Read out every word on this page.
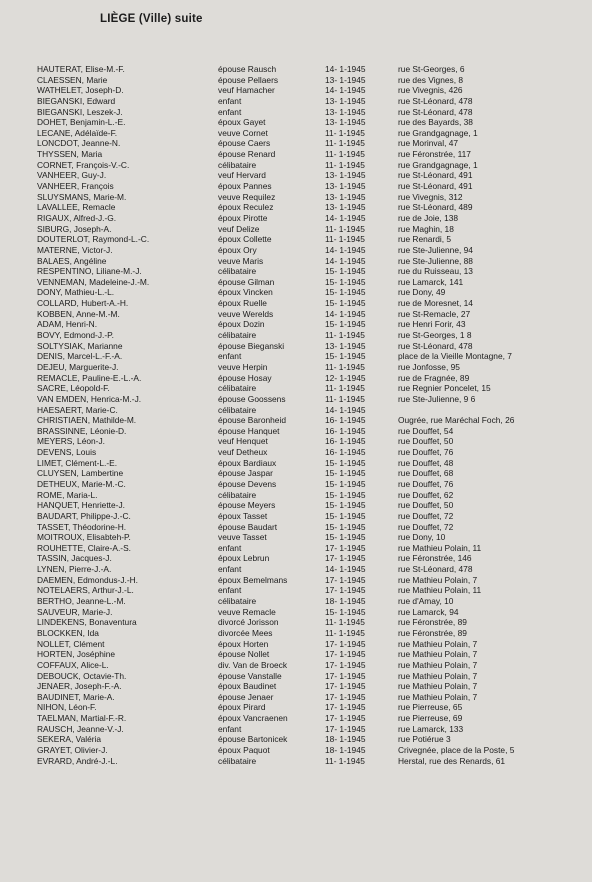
LIÈGE (Ville) suite
HAUTERAT, Elise-M.-F.	épouse Rausch	14- 1-1945	rue St-Georges, 6
CLAESSEN, Marie	épouse Pellaers	13- 1-1945	rue des Vignes, 8
WATHELET, Joseph-D.	veuf Hamacher	14- 1-1945	rue Vivegnis, 426
BIEGANSKI, Edward	enfant	13- 1-1945	rue St-Léonard, 478
BIEGANSKI, Leszek-J.	enfant	13- 1-1945	rue St-Léonard, 478
DOHET, Benjamin-L.-E.	époux Gayet	13- 1-1945	rue des Bayards, 38
LECANE, Adélaïde-F.	veuve Cornet	11- 1-1945	rue Grandgagnage, 1
LONCDOT, Jeanne-N.	épouse Caers	11- 1-1945	rue Morinval, 47
THYSSEN, Maria	épouse Renard	11- 1-1945	rue Féronstrée, 117
CORNET, François-V.-C.	célibataire	11- 1-1945	rue Grandgagnage, 1
VANHEER, Guy-J.	veuf Hervard	13- 1-1945	rue St-Léonard, 491
VANHEER, François	époux Pannes	13- 1-1945	rue St-Léonard, 491
SLUYSMANS, Marie-M.	veuve Requilez	13- 1-1945	rue Vivegnis, 312
LAVALLEE, Remacle	époux Reculez	13- 1-1945	rue St-Léonard, 489
RIGAUX, Alfred-J.-G.	époux Pirotte	14- 1-1945	rue de Joie, 138
SIBURG, Joseph-A.	veuf Delize	11- 1-1945	rue Maghin, 18
DOUTERLOT, Raymond-L.-C.	époux Collette	11- 1-1945	rue Renardi, 5
MATERNE, Victor-J.	époux Ory	14- 1-1945	rue Ste-Julienne, 94
BALAES, Angéline	veuve Maris	14- 1-1945	rue Ste-Julienne, 88
RESPENTINO, Liliane-M.-J.	célibataire	15- 1-1945	rue du Ruisseau, 13
VENNEMAN, Madeleine-J.-M.	épouse Gilman	15- 1-1945	rue Lamarck, 141
DONY, Mathieu-L.-L.	époux Vincken	15- 1-1945	rue Dony, 49
COLLARD, Hubert-A.-H.	époux Ruelle	15- 1-1945	rue de Moresnet, 14
KOBBEN, Anne-M.-M.	veuve Werelds	14- 1-1945	rue St-Remacle, 27
ADAM, Henri-N.	époux Dozin	15- 1-1945	rue Henri Forir, 43
BOVY, Edmond-J.-P.	célibataire	11- 1-1945	rue St-Georges, 1 8
SOLTYSIAK, Marianne	épouse Bieganski	13- 1-1945	rue St-Léonard, 478
DENIS, Marcel-L.-F.-A.	enfant	15- 1-1945	place de la Vieille Montagne, 7
DEJEU, Marguerite-J.	veuve Herpin	11- 1-1945	rue Jonfosse, 95
REMACLE, Pauline-E.-L.-A.	épouse Hosay	12- 1-1945	rue de Fragnée, 89
SACRE, Léopold-F.	célibataire	11- 1-1945	rue Regnier Poncelet, 15
VAN EMDEN, Henrica-M.-J.	épouse Goossens	11- 1-1945	rue Ste-Julienne, 9 6
HAESAERT, Marie-C.	célibataire	14- 1-1945
CHRISTIAEN, Mathilde-M.	épouse Baronheid	16- 1-1945	Ougrée, rue Maréchal Foch, 26
BRASSINNE, Léonie-D.	épouse Hanquet	16- 1-1945	rue Douffet, 54
MEYERS, Léon-J.	veuf Henquet	16- 1-1945	rue Douffet, 50
DEVENS, Louis	veuf Detheux	16- 1-1945	rue Douffet, 76
LIMET, Clément-L.-E.	époux Bardiaux	15- 1-1945	rue Douffet, 48
CLUYSEN, Lambertine	épouse Jaspar	15- 1-1945	rue Douffet, 68
DETHEUX, Marie-M.-C.	épouse Devens	15- 1-1945	rue Douffet, 76
ROME, Maria-L.	célibataire	15- 1-1945	rue Douffet, 62
HANQUET, Henriette-J.	épouse Meyers	15- 1-1945	rue Douffet, 50
BAUDART, Philippe-J.-C.	époux Tasset	15- 1-1945	rue Douffet, 72
TASSET, Théodorine-H.	épouse Baudart	15- 1-1945	rue Douffet, 72
MOITROUX, Elisabteh-P.	veuve Tasset	15- 1-1945	rue Dony, 10
ROUHETTE, Claire-A.-S.	enfant	17- 1-1945	rue Mathieu Polain, 11
TASSIN, Jacques-J.	époux Lebrun	17- 1-1945	rue Féronstrée, 146
LYNEN, Pierre-J.-A.	enfant	14- 1-1945	rue St-Léonard, 478
DAEMEN, Edmondus-J.-H.	époux Bemelmans	17- 1-1945	rue Mathieu Polain, 7
NOTELAERS, Arthur-J.-L.	enfant	17- 1-1945	rue Mathieu Polain, 11
BERTHO, Jeanne-L.-M.	célibataire	18- 1-1945	rue d'Amay, 10
SAUVEUR, Marie-J.	veuve Remacle	15- 1-1945	rue Lamarck, 94
LINDEKENS, Bonaventura	divorcé Jorisson	11- 1-1945	rue Féronstrée, 89
BLOCKKEN, Ida	divorcée Mees	11- 1-1945	rue Féronstrée, 89
NOLLET, Clément	époux Horten	17- 1-1945	rue Mathieu Polain, 7
HORTEN, Joséphine	épouse Nollet	17- 1-1945	rue Mathieu Polain, 7
COFFAUX, Alice-L.	div. Van de Broeck	17- 1-1945	rue Mathieu Polain, 7
DEBOUCK, Octavie-Th.	épouse Vanstalle	17- 1-1945	rue Mathieu Polain, 7
JENAER, Joseph-F.-A.	époux Baudinet	17- 1-1945	rue Mathieu Polain, 7
BAUDINET, Marie-A.	épouse Jenaer	17- 1-1945	rue Mathieu Polain, 7
NIHON, Léon-F.	époux Pirard	17- 1-1945	rue Pierreuse, 65
TAELMAN, Martial-F.-R.	époux Vancraenen	17- 1-1945	rue Pierreuse, 69
RAUSCH, Jeanne-V.-J.	enfant	17- 1-1945	rue Lamarck, 133
SEKERA, Valéria	épouse Bartonicek	18- 1-1945	rue Potiérue 3
GRAYET, Olivier-J.	époux Paquot	18- 1-1945	Crivegnée, place de la Poste, 5
EVRARD, André-J.-L.	célibataire	11- 1-1945	Herstal, rue des Renards, 61
